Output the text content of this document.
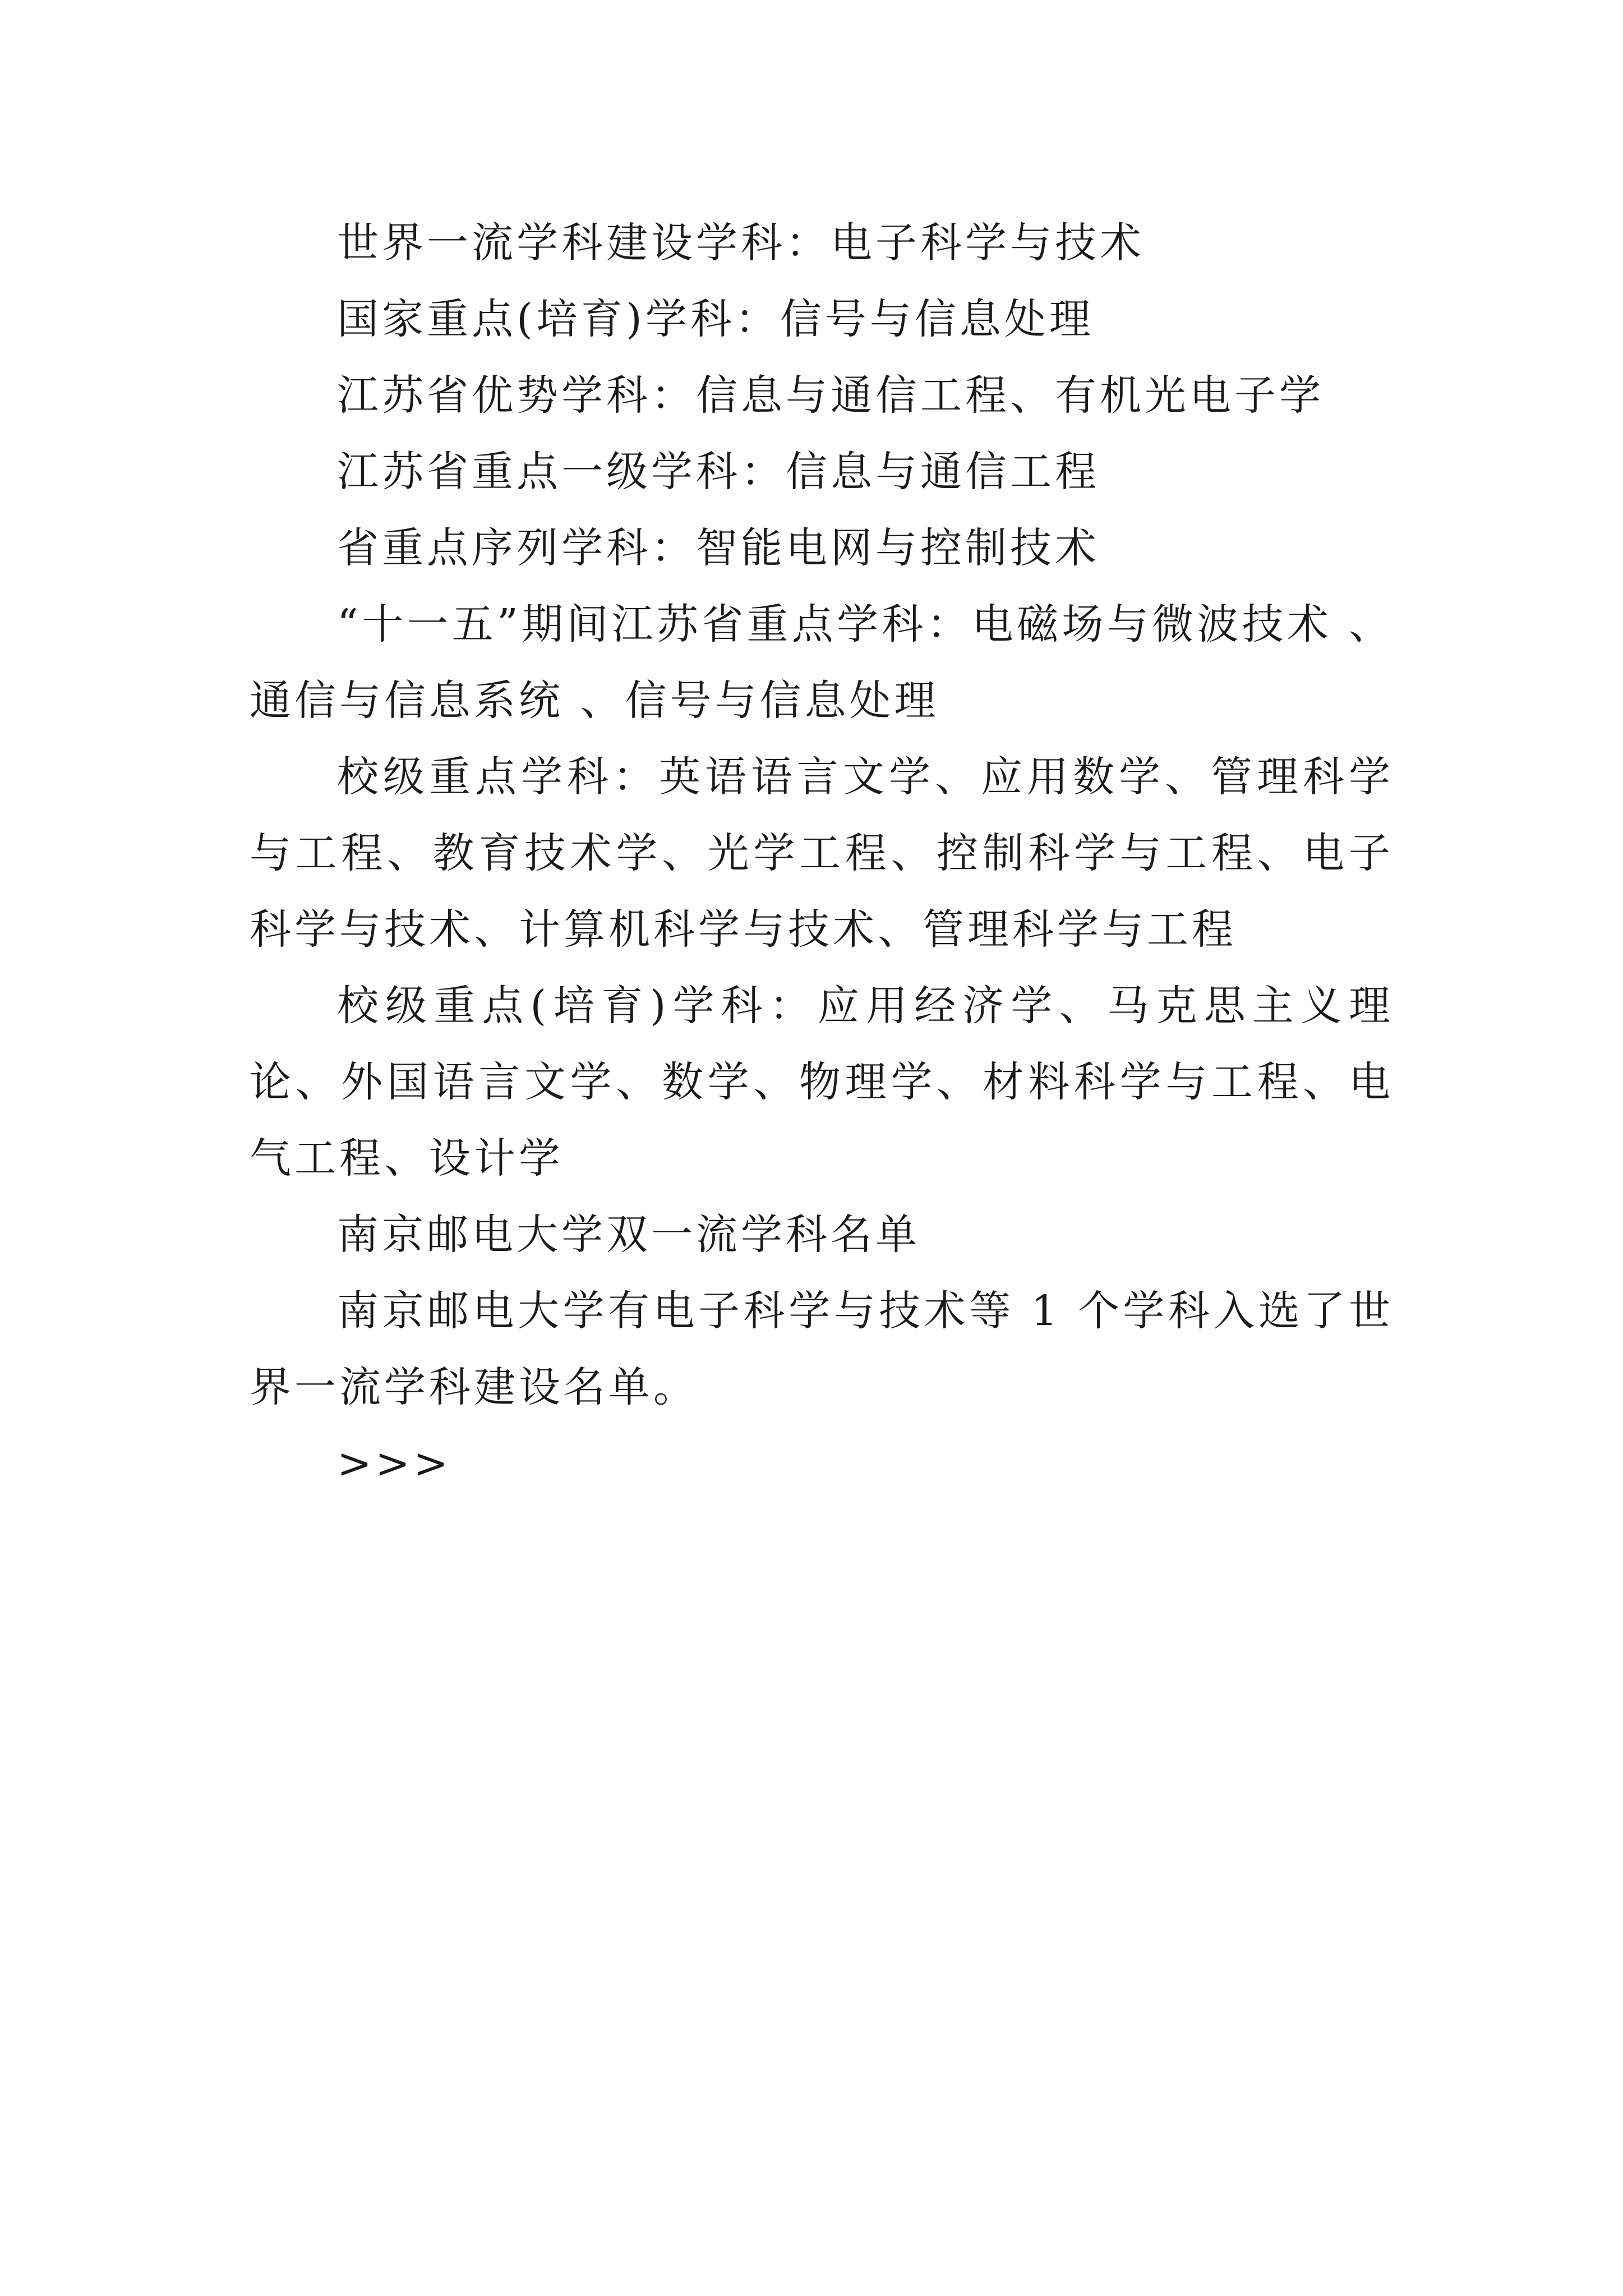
世界一流学科建设学科：电子科学与技术

国家重点(培育)学科：信号与信息处理

江苏省优势学科：信息与通信工程、有机光电子学

江苏省重点一级学科：信息与通信工程

省重点序列学科：智能电网与控制技术

“十一五”期间江苏省重点学科：电磁场与微波技术 、通信与信息系统 、信号与信息处理

校级重点学科：英语语言文学、应用数学、管理科学与工程、教育技术学、光学工程、控制科学与工程、电子科学与技术、计算机科学与技术、管理科学与工程

校级重点(培育)学科：应用经济学、马克思主义理论、外国语言文学、数学、物理学、材料科学与工程、电气工程、设计学

南京邮电大学双一流学科名单

南京邮电大学有电子科学与技术等 1 个学科入选了世界一流学科建设名单。

>>>
